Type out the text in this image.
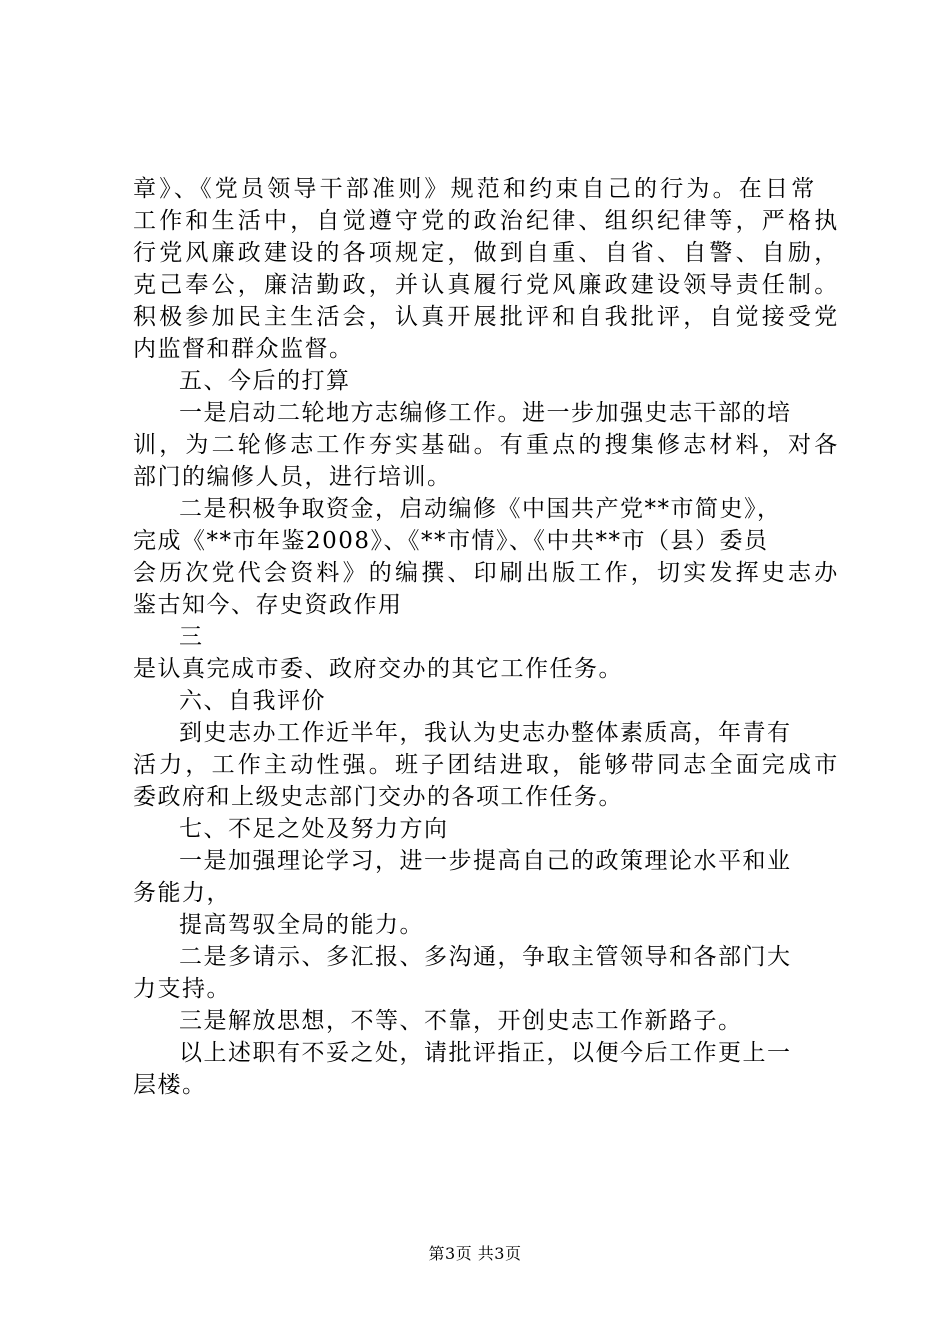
章》、《党员领导干部准则》规范和约束自己的行为。在日常
工作和生活中，自觉遵守党的政治纪律、组织纪律等，严格执
行党风廉政建设的各项规定，做到自重、自省、自警、自励，
克己奉公，廉洁勤政，并认真履行党风廉政建设领导责任制。
积极参加民主生活会，认真开展批评和自我批评，自觉接受党
内监督和群众监督。
五、今后的打算
一是启动二轮地方志编修工作。进一步加强史志干部的培
训，为二轮修志工作夯实基础。有重点的搜集修志材料，对各
部门的编修人员，进行培训。
二是积极争取资金，启动编修《中国共产党**市简史》，
完成《**市年鉴2008》、《**市情》、《中共**市（县）委员
会历次党代会资料》的编撰、印刷出版工作，切实发挥史志办
鉴古知今、存史资政作用
三
是认真完成市委、政府交办的其它工作任务。
六、自我评价
到史志办工作近半年，我认为史志办整体素质高，年青有
活力，工作主动性强。班子团结进取，能够带同志全面完成市
委政府和上级史志部门交办的各项工作任务。
七、不足之处及努力方向
一是加强理论学习，进一步提高自己的政策理论水平和业
务能力，
提高驾驭全局的能力。
二是多请示、多汇报、多沟通，争取主管领导和各部门大
力支持。
三是解放思想，不等、不靠，开创史志工作新路子。
以上述职有不妥之处，请批评指正，以便今后工作更上一
层楼。
第3页 共3页
